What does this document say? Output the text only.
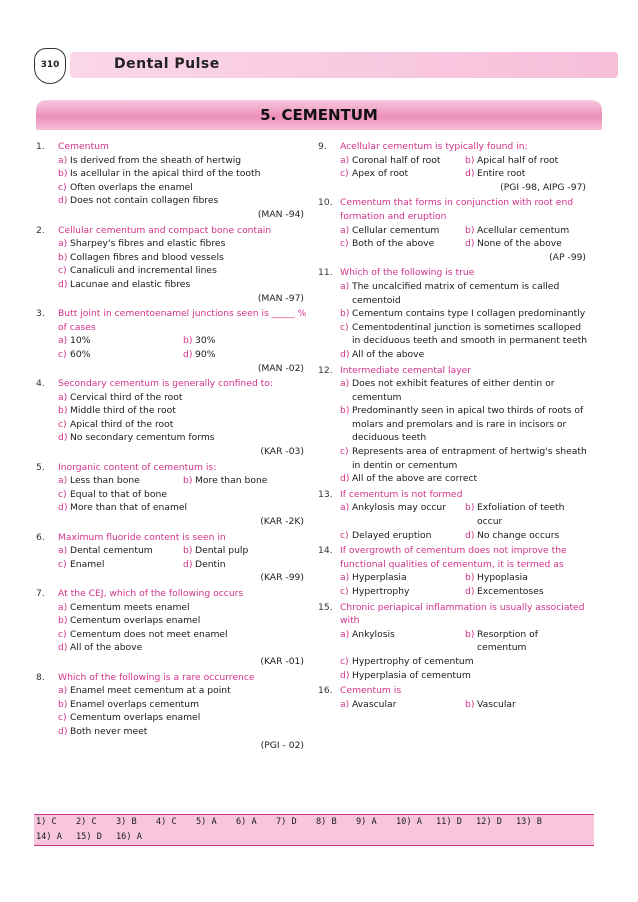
310	Dental Pulse
5. CEMENTUM
1.	Cementum
a) Is derived from the sheath of hertwig
b) Is acellular in the apical third of the tooth
c) Often overlaps the enamel
d) Does not contain collagen fibres
(MAN -94)
2.	Cellular cementum and compact bone contain
a) Sharpey's fibres and elastic fibres
b) Collagen fibres and blood vessels
c) Canaliculi and incremental lines
d) Lacunae and elastic fibres
(MAN -97)
3.	Butt joint in cementoenamel junctions seen is _____ % of cases
a) 10%	b) 30%
c) 60%	d) 90%
(MAN -02)
4.	Secondary cementum is generally confined to:
a) Cervical third of the root
b) Middle third of the root
c) Apical third of the root
d) No secondary cementum forms
(KAR -03)
5.	Inorganic content of cementum is:
a) Less than bone	b) More than bone
c) Equal to that of bone
d) More than that of enamel
(KAR -2K)
6.	Maximum fluoride content is seen in
a) Dental cementum	b) Dental pulp
c) Enamel	d) Dentin
(KAR -99)
7.	At the CEJ, which of the following occurs
a) Cementum meets enamel
b) Cementum overlaps enamel
c) Cementum does not meet enamel
d) All of the above
(KAR -01)
8.	Which of the following is a rare occurrence
a) Enamel meet cementum at a point
b) Enamel overlaps cementum
c) Cementum overlaps enamel
d) Both never meet
(PGI - 02)
9.	Acellular cementum is typically found in:
a) Coronal half of root	b) Apical half of root
c) Apex of root	d) Entire root
(PGI -98, AIPG -97)
10. Cementum that forms in conjunction with root end formation and eruption
a) Cellular cementum	b) Acellular cementum
c) Both of the above	d) None of the above
(AP -99)
11. Which of the following is true
a) The uncalcified matrix of cementum is called cementoid
b) Cementum contains type I collagen predominantly
c) Cementodentinal junction is sometimes scalloped in deciduous teeth and smooth in permanent teeth
d) All of the above
12. Intermediate cemental layer
a) Does not exhibit features of either dentin or cementum
b) Predominantly seen in apical two thirds of roots of molars and premolars and is rare in incisors or deciduous teeth
c) Represents area of entrapment of hertwig's sheath in dentin or cementum
d) All of the above are correct
13. If cementum is not formed
a) Ankylosis may occur b) Exfoliation of teeth occur
c) Delayed eruption	d) No change occurs
14. If overgrowth of cementum does not improve the functional qualities of cementum, it is termed as
a) Hyperplasia	b) Hypoplasia
c) Hypertrophy	d) Excementoses
15. Chronic periapical inflammation is usually associated with
a) Ankylosis	b) Resorption of cementum
c) Hypertrophy of cementum
d) Hyperplasia of cementum
16. Cementum is
a) Avascular	b) Vascular
1) C	2) C	3) B	4) C	5) A	6) A	7) D	8) B	9) A	10) A	11) D	12) D	13) B
14) A	15) D	16) A
